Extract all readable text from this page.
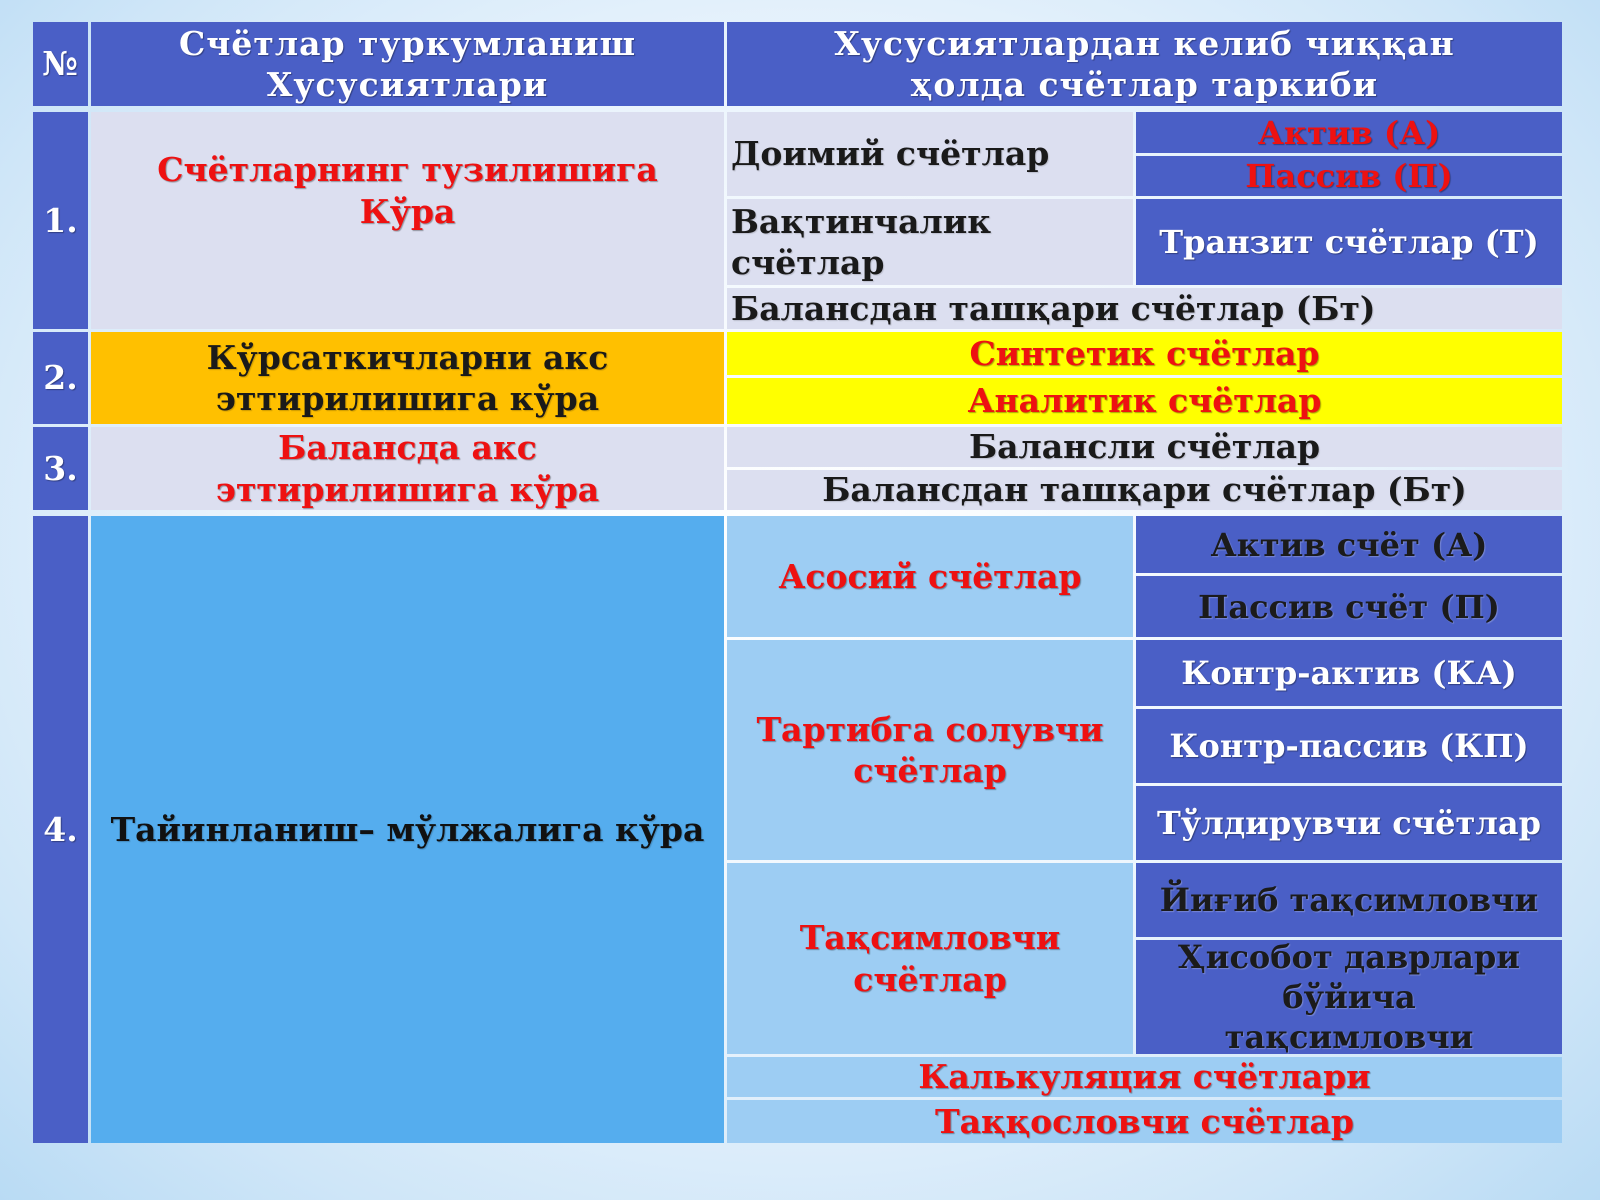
№
Счётлар туркумланиш
Хусусиятлари
Хусусиятлардан келиб чиққан
ҳолда счётлар таркиби
1.
Счётларнинг тузилишига
Кўра
Доимий счётлар
Актив (А)
Пассив (П)
Вақтинчалик
счётлар
Транзит счётлар (Т)
Балансдан ташқари счётлар (Бт)
2.
Кўрсаткичларни акс
эттирилишига кўра
Синтетик счётлар
Аналитик счётлар
3.
Балансда акс
эттирилишига кўра
Балансли счётлар
Балансдан ташқари счётлар (Бт)
4. Тайинланиш– мўлжалига кўра
Асосий счётлар
Актив счёт (А)
Пассив счёт (П)
Тартибга солувчи
счётлар
Контр-актив (КА)
Контр-пассив (КП)
Тўлдирувчи счётлар
Тақсимловчи
счётлар
Йиғиб тақсимловчи
Ҳисобот даврлари бўйича тақсимловчи
Калькуляция счётлари
Таққословчи счётлар
